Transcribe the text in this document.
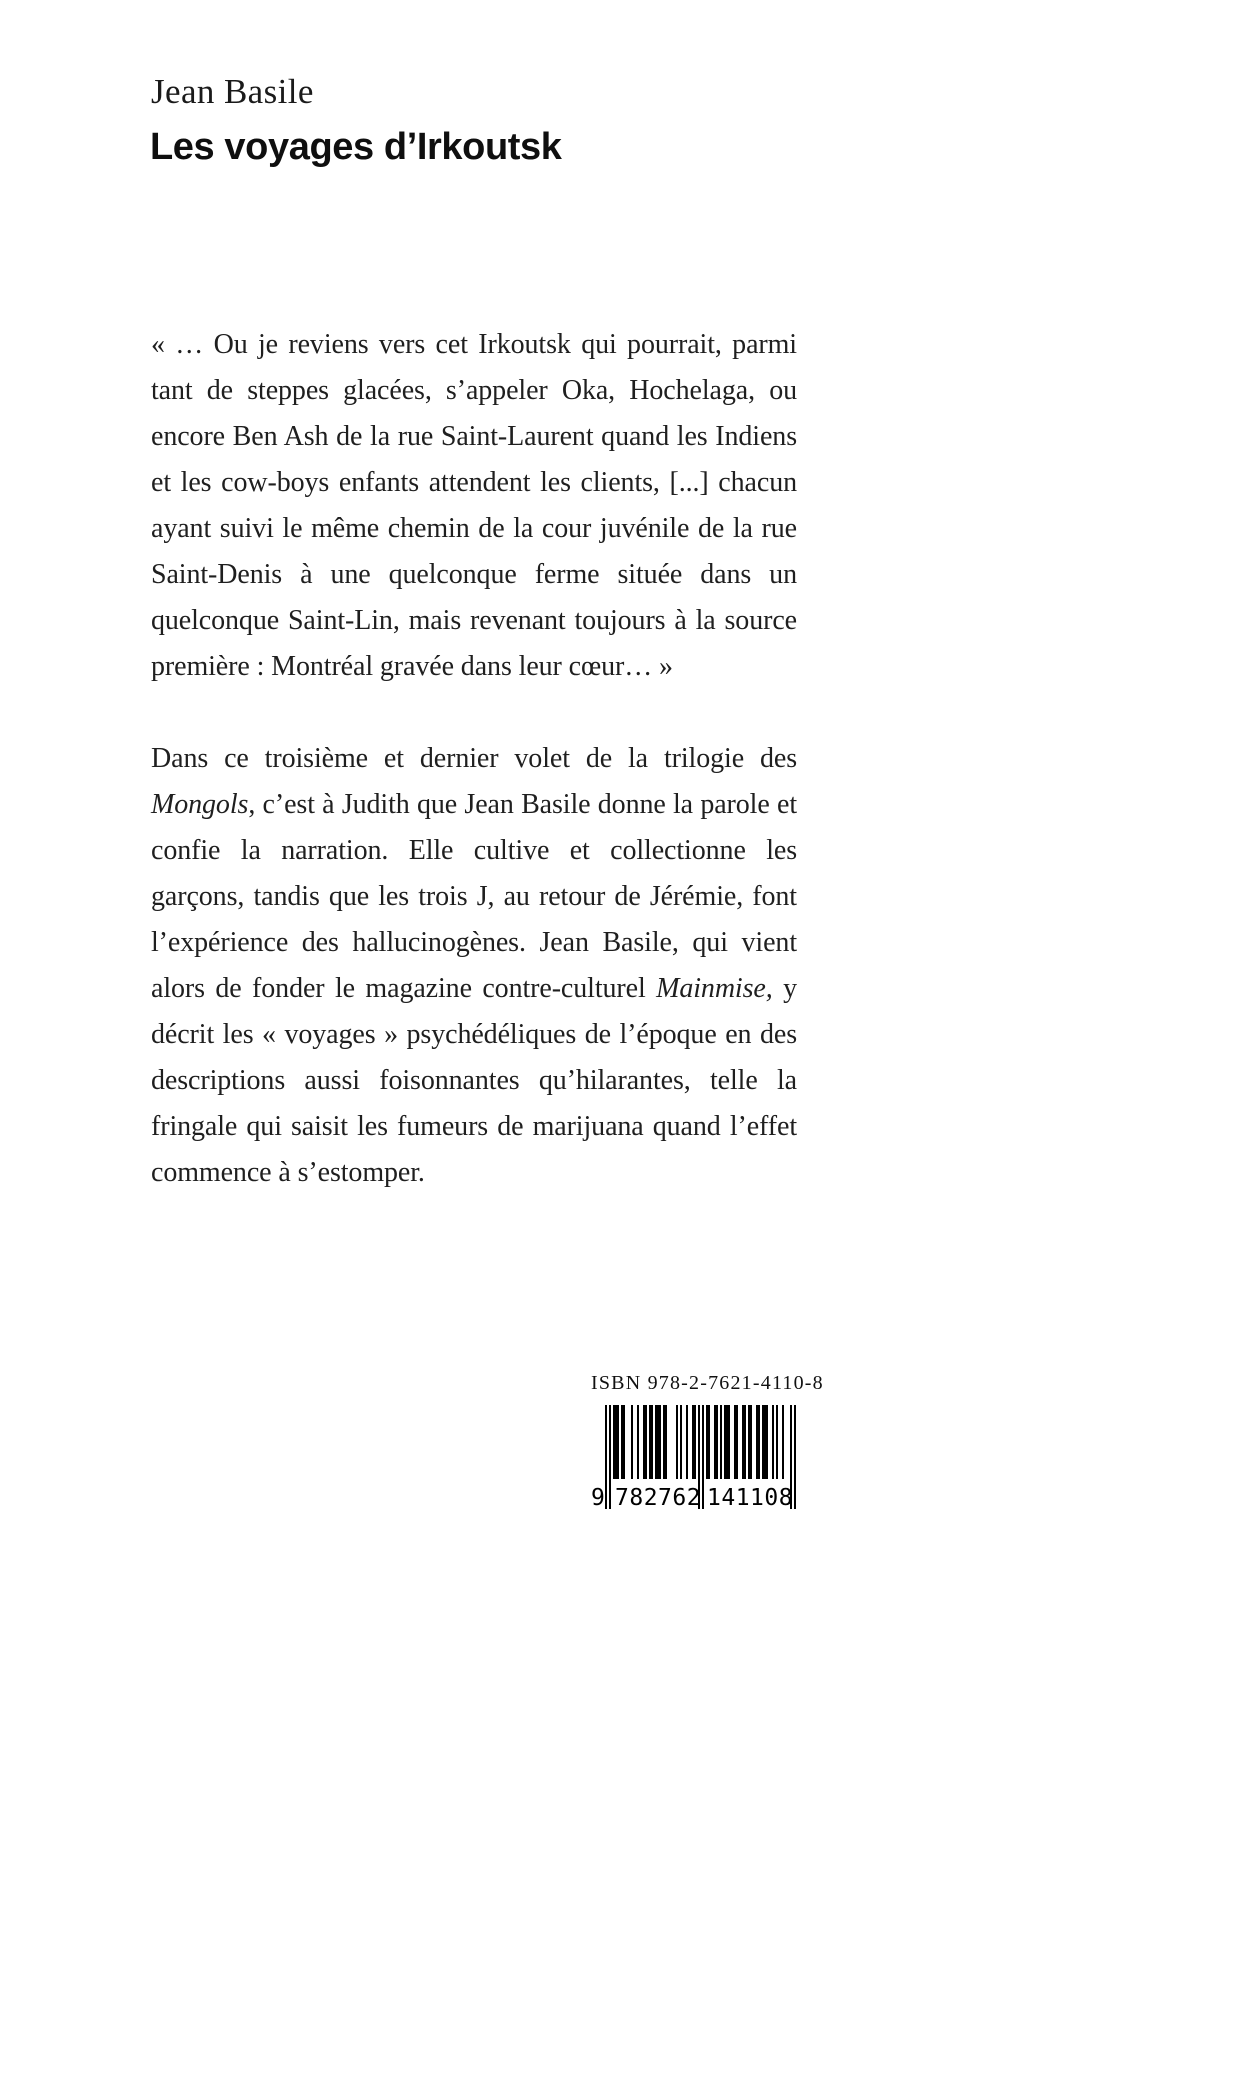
Jean Basile
Les voyages d’Irkoutsk

« … Ou je reviens vers cet Irkoutsk qui pourrait, parmi tant de steppes glacées, s’appeler Oka, Hochelaga, ou encore Ben Ash de la rue Saint-Laurent quand les Indiens et les cow-boys enfants attendent les clients, [...] chacun ayant suivi le même chemin de la cour juvénile de la rue Saint-Denis à une quelconque ferme située dans un quelconque Saint-Lin, mais revenant toujours à la source première : Montréal gravée dans leur cœur… »

Dans ce troisième et dernier volet de la trilogie des Mongols, c’est à Judith que Jean Basile donne la parole et confie la narration. Elle cultive et collectionne les garçons, tandis que les trois J, au retour de Jérémie, font l’expérience des hallucinogènes. Jean Basile, qui vient alors de fonder le magazine contre-culturel Mainmise, y décrit les « voyages » psychédéliques de l’époque en des descriptions aussi foisonnantes qu’hilarantes, telle la fringale qui saisit les fumeurs de marijuana quand l’effet commence à s’estomper.

ISBN 978-2-7621-4110-8
9 782762 141108
